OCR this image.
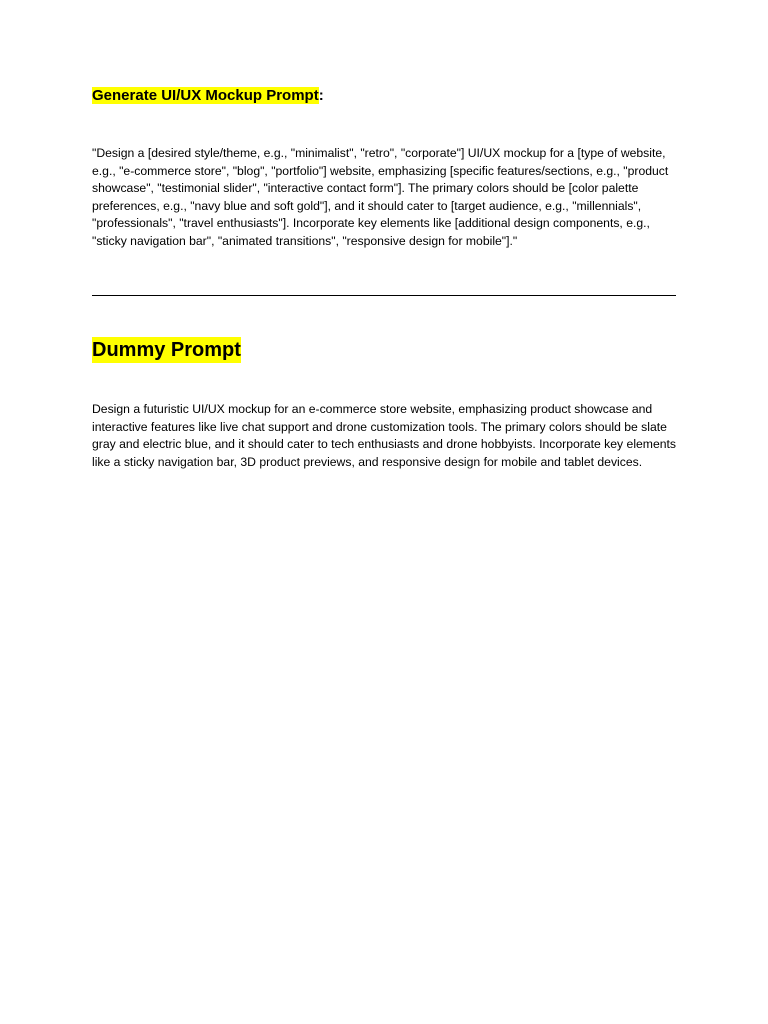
Generate UI/UX Mockup Prompt:
"Design a [desired style/theme, e.g., "minimalist", "retro", "corporate"] UI/UX mockup for a [type of website, e.g., "e-commerce store", "blog", "portfolio"] website, emphasizing [specific features/sections, e.g., "product showcase", "testimonial slider", "interactive contact form"]. The primary colors should be [color palette preferences, e.g., "navy blue and soft gold"], and it should cater to [target audience, e.g., "millennials", "professionals", "travel enthusiasts"]. Incorporate key elements like [additional design components, e.g., "sticky navigation bar", "animated transitions", "responsive design for mobile"]."
Dummy Prompt
Design a futuristic UI/UX mockup for an e-commerce store website, emphasizing product showcase and interactive features like live chat support and drone customization tools. The primary colors should be slate gray and electric blue, and it should cater to tech enthusiasts and drone hobbyists. Incorporate key elements like a sticky navigation bar, 3D product previews, and responsive design for mobile and tablet devices.
